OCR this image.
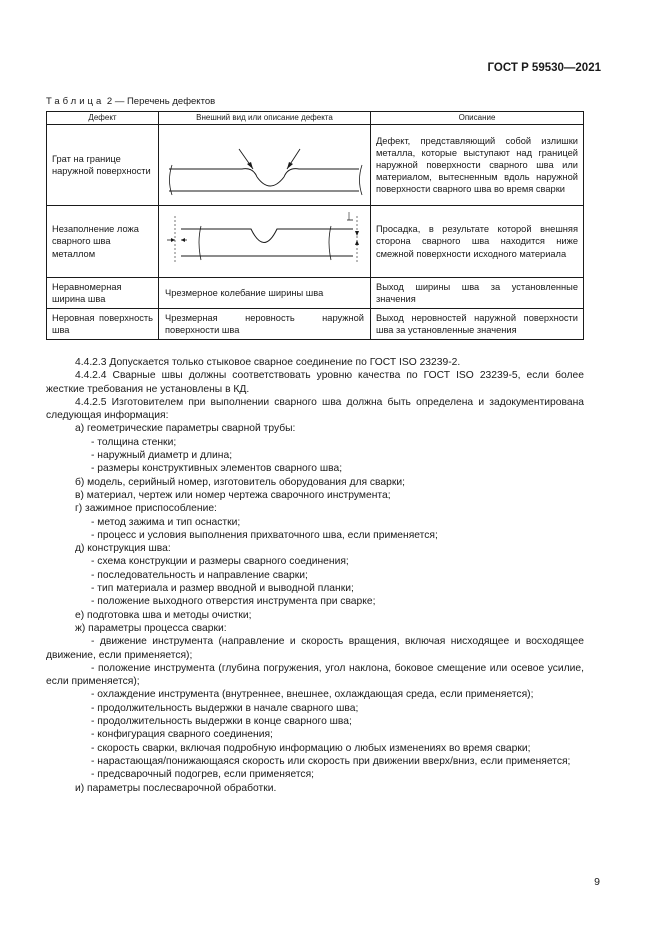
ГОСТ Р 59530—2021
Таблица 2 — Перечень дефектов
Дефект	Внешний вид или описание дефекта	Описание
Грат на границе наружной поверхности		Дефект, представляющий собой излишки металла, которые выступают над границей наружной поверхности сварного шва или материалом, вытесненным вдоль наружной поверхности сварного шва во время сварки
Незаполнение ложа сварного шва металлом		Просадка, в результате которой внешняя сторона сварного шва находится ниже смежной поверхности исходного материала
Неравномерная ширина шва	Чрезмерное колебание ширины шва	Выход ширины шва за установленные значения
Неровная поверхность шва	Чрезмерная неровность наружной поверхности шва	Выход неровностей наружной поверхности шва за установленные значения

4.4.2.3 Допускается только стыковое сварное соединение по ГОСТ ISO 23239-2.

4.4.2.4 Сварные швы должны соответствовать уровню качества по ГОСТ ISO 23239-5, если более жесткие требования не установлены в КД.

4.4.2.5 Изготовителем при выполнении сварного шва должна быть определена и задокументирована следующая информация:

а) геометрические параметры сварной трубы:

- толщина стенки;

- наружный диаметр и длина;

- размеры конструктивных элементов сварного шва;

б) модель, серийный номер, изготовитель оборудования для сварки;

в) материал, чертеж или номер чертежа сварочного инструмента;

г) зажимное приспособление:

- метод зажима и тип оснастки;

- процесс и условия выполнения прихваточного шва, если применяется;

д) конструкция шва:

- схема конструкции и размеры сварного соединения;

- последовательность и направление сварки;

- тип материала и размер вводной и выводной планки;

- положение выходного отверстия инструмента при сварке;

е) подготовка шва и методы очистки;

ж) параметры процесса сварки:

- движение инструмента (направление и скорость вращения, включая нисходящее и восходящее движение, если применяется);

- положение инструмента (глубина погружения, угол наклона, боковое смещение или осевое усилие, если применяется);

- охлаждение инструмента (внутреннее, внешнее, охлаждающая среда, если применяется);

- продолжительность выдержки в начале сварного шва;

- продолжительность выдержки в конце сварного шва;

- конфигурация сварного соединения;

- скорость сварки, включая подробную информацию о любых изменениях во время сварки;

- нарастающая/понижающаяся скорость или скорость при движении вверх/вниз, если применяется;

- предсварочный подогрев, если применяется;

и) параметры послесварочной обработки.

9
